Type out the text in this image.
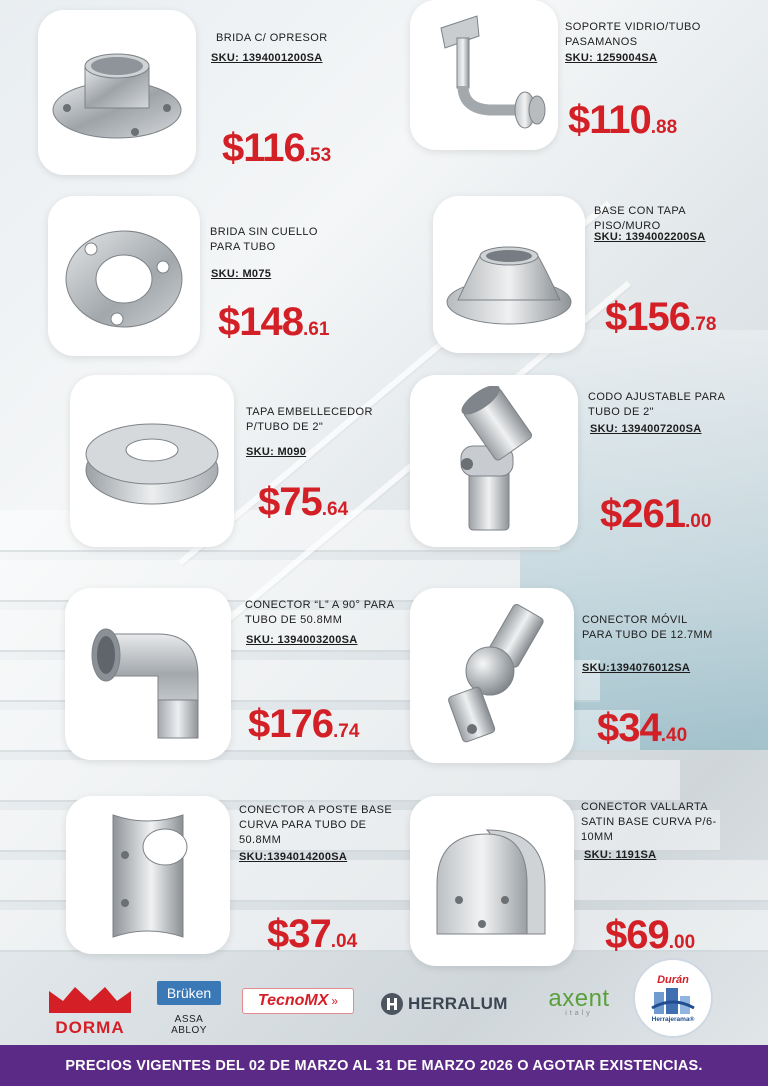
BRIDA C/ OPRESOR
SKU: 1394001200SA
$116.53
SOPORTE VIDRIO/TUBO
PASAMANOS
SKU: 1259004SA
$110.88
BRIDA SIN CUELLO
PARA TUBO
SKU: M075
$148.61
BASE CON TAPA
PISO/MURO
SKU: 1394002200SA
$156.78
TAPA EMBELLECEDOR
P/TUBO DE 2"
SKU: M090
$75.64
CODO AJUSTABLE PARA
TUBO DE 2"
SKU: 1394007200SA
$261.00
CONECTOR “L” A 90° PARA
TUBO DE 50.8MM
SKU: 1394003200SA
$176.74
CONECTOR MÓVIL
PARA TUBO DE 12.7MM
SKU:1394076012SA
$34.40
CONECTOR A POSTE BASE
CURVA PARA TUBO DE
50.8MM
SKU:1394014200SA
$37.04
CONECTOR VALLARTA
SATIN BASE CURVA P/6-
10MM
SKU: 1191SA
$69.00
DORMA
Brüken
ASSA ABLOY
TecnoMX »	HERRALUM	axent
italy
Durán
Herrajerama®
PRECIOS VIGENTES DEL 02 DE MARZO AL 31 DE MARZO 2026 O AGOTAR EXISTENCIAS.
